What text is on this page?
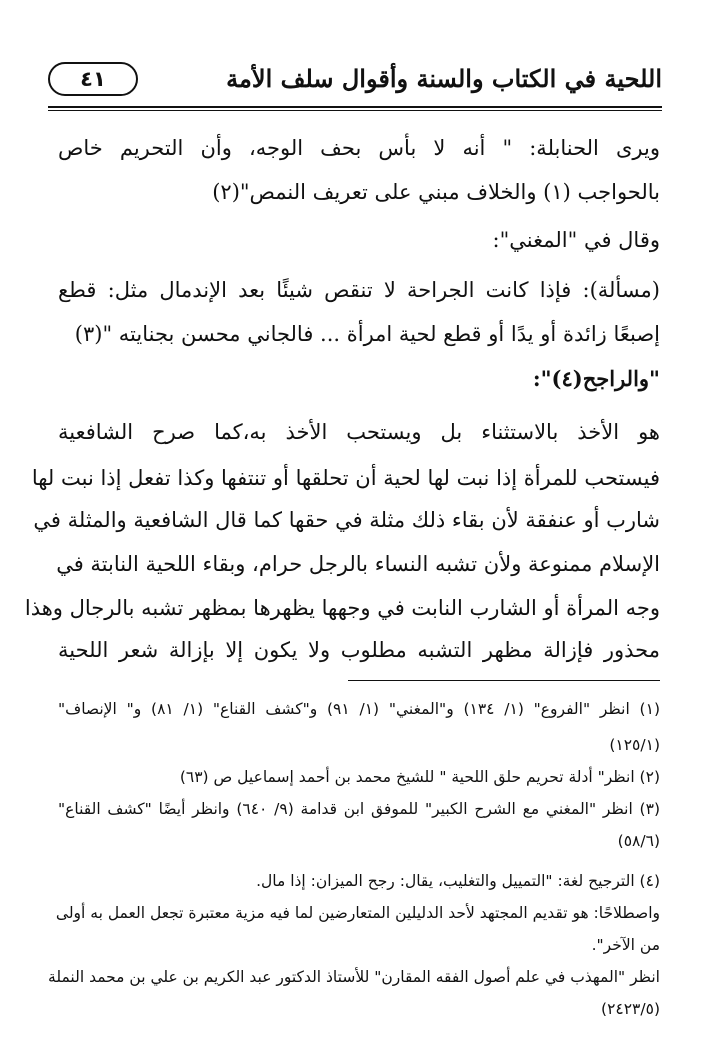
اللحية في الكتاب والسنة وأقوال سلف الأمة
٤١
ويرى الحنابلة: " أنه لا بأس بحف الوجه، وأن التحريم خاص
بالحواجب (١) والخلاف مبني على تعريف النمص"(٢)
وقال في "المغني":
(مسألة): فإذا كانت الجراحة لا تنقص شيئًا بعد الإندمال مثل: قطع
إصبعًا زائدة أو يدًا أو قطع لحية امرأة ... فالجاني محسن بجنايته "(٣)
"والراجح(٤)":
هو الأخذ بالاستثناء بل ويستحب الأخذ به،كما صرح الشافعية
فيستحب للمرأة إذا نبت لها لحية أن تحلقها أو تنتفها وكذا تفعل إذا نبت لها
شارب أو عنفقة لأن بقاء ذلك مثلة في حقها كما قال الشافعية والمثلة في
الإسلام ممنوعة ولأن تشبه النساء بالرجل حرام، وبقاء اللحية النابتة في
وجه المرأة أو الشارب النابت في وجهها يظهرها بمظهر تشبه بالرجال وهذا
محذور فإزالة مظهر التشبه مطلوب ولا يكون إلا بإزالة شعر اللحية
(١) انظر "الفروع" (١/ ١٣٤) و"المغني" (١/ ٩١) و"كشف القناع" (١/ ٨١) و" الإنصاف"
(١٢٥/١)
(٢) انظر" أدلة تحريم حلق اللحية " للشيخ محمد بن أحمد إسماعيل ص (٦٣)
(٣) انظر "المغني مع الشرح الكبير" للموفق ابن قدامة (٩/ ٦٤٠) وانظر أيضًا "كشف القناع"
(٥٨/٦)
(٤) الترجيح لغة: "التمييل والتغليب، يقال: رجح الميزان: إذا مال.
واصطلاحًا: هو تقديم المجتهد لأحد الدليلين المتعارضين لما فيه مزية معتبرة تجعل العمل به أولى
من الآخر".
انظر "المهذب في علم أصول الفقه المقارن" للأستاذ الدكتور عبد الكريم بن علي بن محمد النملة
(٢٤٢٣/٥)
